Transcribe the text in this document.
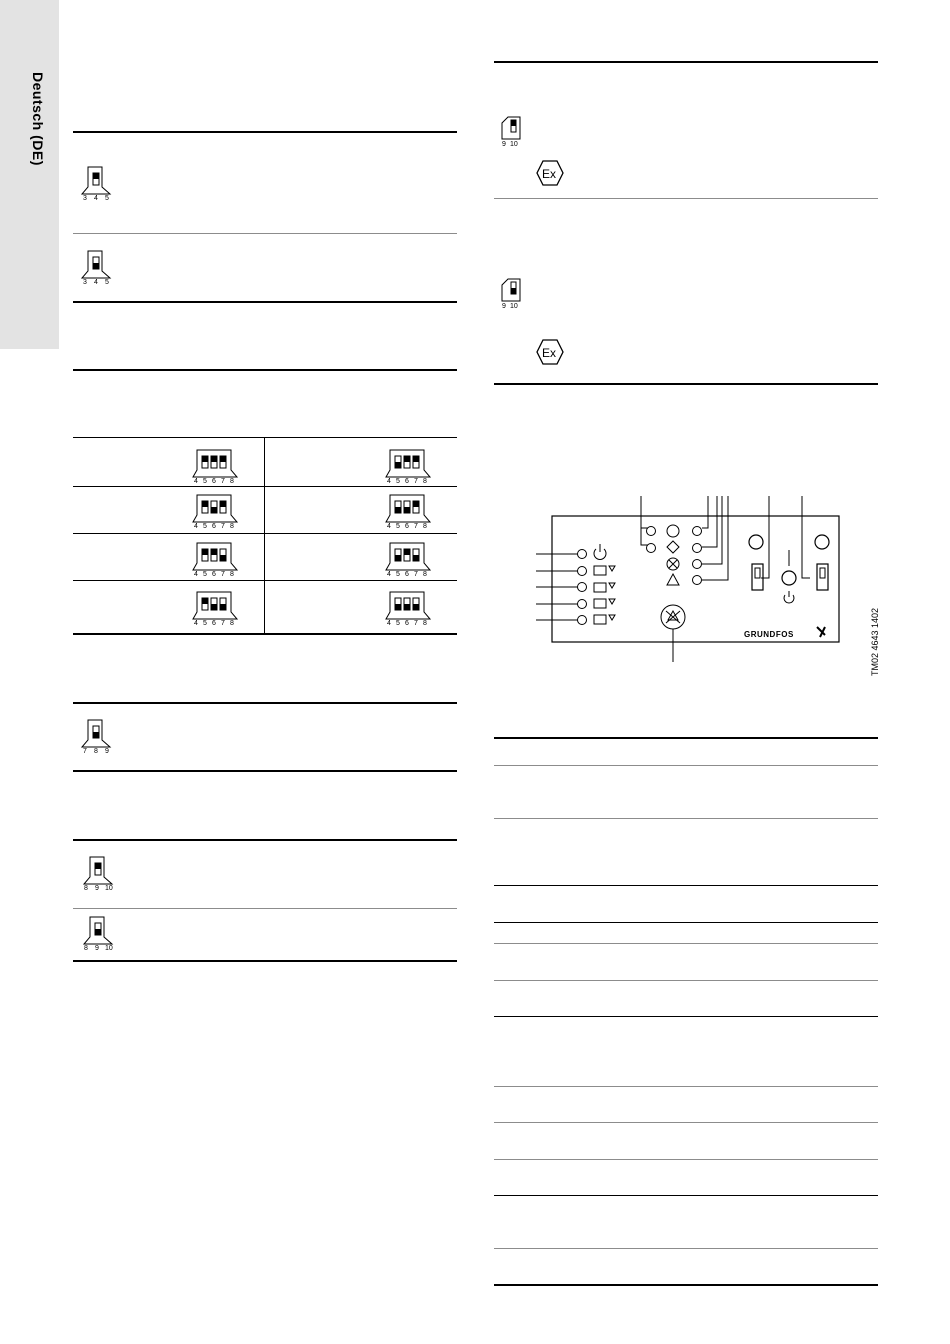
Deutsch (DE)
3 4 5
3 4 5
4 5 6 7 8	4 5 6 7 8
4 5 6 7 8	4 5 6 7 8
4 5 6 7 8	4 5 6 7 8
4 5 6 7 8	4 5 6 7 8
7 8 9
8 9 10
8 9 10
9 10
Ex
9 10
Ex
GRUNDFOS	TM02 4643 1402
